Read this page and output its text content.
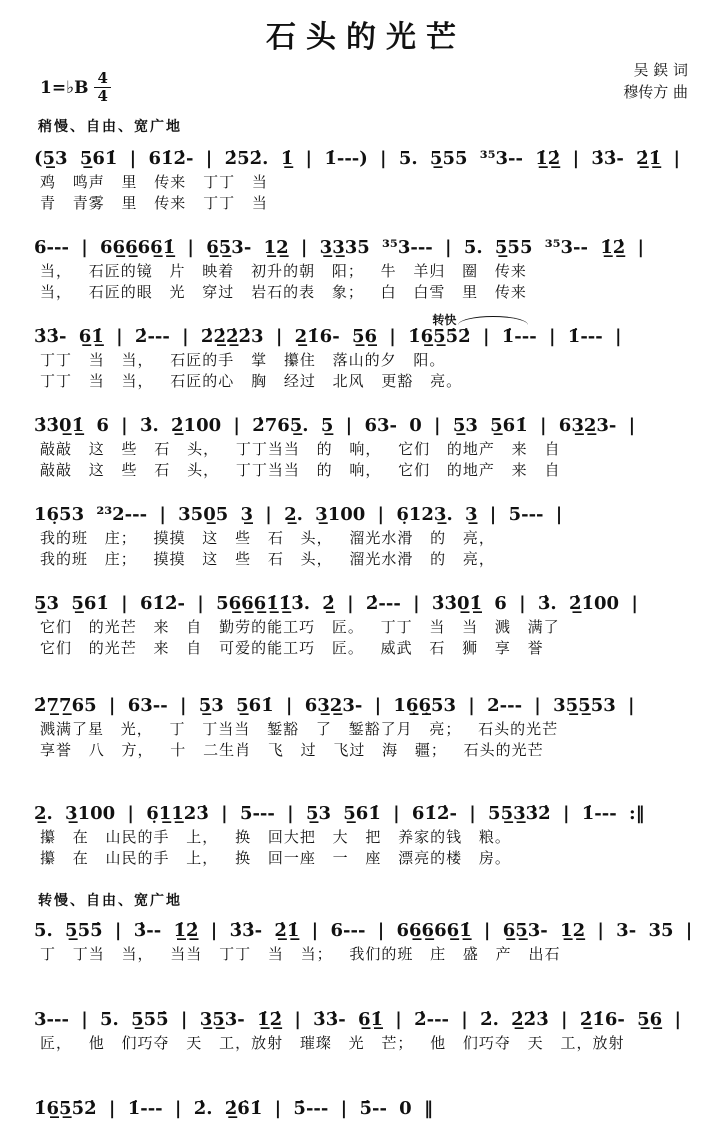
石头的光芒
1=♭B $\frac{4}{4}$	吴 鋘 词
穆传方 曲
稍慢、自由、宽广地
(5̲3 5̲61̇ | 61̇2̇- | 2̇52̇. 1̲̇ | 1̇---) | 5. 5̲55 ³⁵3-- 1̲̇2̲̇ | 3̇3̇- 2̲̇1̲̇ |
鸡 鸣声 里 传来 丁丁 当
青 青雾 里 传来 丁丁 当
6--- | 66̲6̲66̲1̲̇ | 6̲5̲3- 1̲2̲ | 3̲3̲35 ³⁵3--- | 5. 5̲55 ³⁵3-- 1̲̇2̲̇ |
当， 石匠的镜 片 映着 初升的朝 阳； 牛 羊归 圈 传来
当， 石匠的眼 光 穿过 岩石的表 象； 白 白雪 里 传来
转快
3̇3̇- 6̲1̲̇ | 2̇--- | 2̇2̲̇2̲̇2̇3 | 2̲1̇6- 5̲6̲ | 1̇6̲5̲5̇2̇ | 1̇--- | 1̇--- |
丁丁 当 当， 石匠的手 掌 攥住 落山的夕 阳。
丁丁 当 当， 石匠的心 胸 经过 北风 更豁 亮。
3̇3̇0̲1̲̇ 6 | 3̇. 2̲̇100 | 2̇765̲. 5̲ | 63- 0 | 5̲3 5̲61̇ | 63̲2̲3- |
敲敲 这 些 石 头， 丁丁当当 的 响， 它们 的地产 来 自
敲敲 这 些 石 头， 丁丁当当 的 响， 它们 的地产 来 自
16̣53 ²³2--- | 350̲5 3̲ | 2̲. 3̲100 | 6̣123̲. 3̲ | 5--- |
我的班 庄； 摸摸 这 些 石 头， 溜光水滑 的 亮，
我的班 庄； 摸摸 这 些 石 头， 溜光水滑 的 亮，
5̲3 5̲61̇ | 61̇2̇- | 56̲6̲6̲1̲̇1̲̇3̇. 2̲̇ | 2̇--- | 3̇3̇0̲1̲̇ 6 | 3̇. 2̲̇1̇00 |
它们 的光芒 来 自 勤劳的能工巧 匠。 丁丁 当 当 溅 满了
它们 的光芒 来 自 可爱的能工巧 匠。 威武 石 狮 享 誉
2̇7̲7̲65 | 63-- | 5̲3 5̲61̇ | 63̲2̲3- | 16̲̣6̲̣53 | 2--- | 35̲5̲53 |
溅满了星 光， 丁 丁当当 錾豁 了 錾豁了月 亮； 石头的光芒
享誉 八 方， 十 二生肖 飞 过 飞过 海 疆； 石头的光芒
2̲. 3̲100 | 6̣1̲1̲23̇ | 5--- | 5̲3 5̲61̇ | 61̇2̇- | 55̲3̲3̇2̇ | 1̇--- :‖
攥 在 山民的手 上， 换 回大把 大 把 养家的钱 粮。
攥 在 山民的手 上， 换 回一座 一 座 漂亮的楼 房。
转慢、自由、宽广地
5. 5̲55̇ | 3̇-- 1̲̇2̲̇ | 3̇3̇- 2̲̇1̲̇ | 6--- | 66̲6̲66̲1̲̇ | 6̲5̲3- 1̲2̲ | 3- 35 |
丁 丁当 当， 当当 丁丁 当 当； 我们的班 庄 盛 产 出石
3--- | 5. 5̲55̇ | 3̲5̲3- 1̲̇2̲̇ | 3̇3̇- 6̲1̲̇ | 2̇--- | 2̇. 2̲̇2̇3̇ | 2̲̇1̇6- 5̲6̲ |
匠， 他 们巧夺 天 工，放射 璀璨 光 芒； 他 们巧夺 天 工，放射
1̇6̲5̲5̇2̇ | 1̇--- | 2̇. 2̲̇6̇1̇ | 5̇--- | 5̇-- 0 ‖
